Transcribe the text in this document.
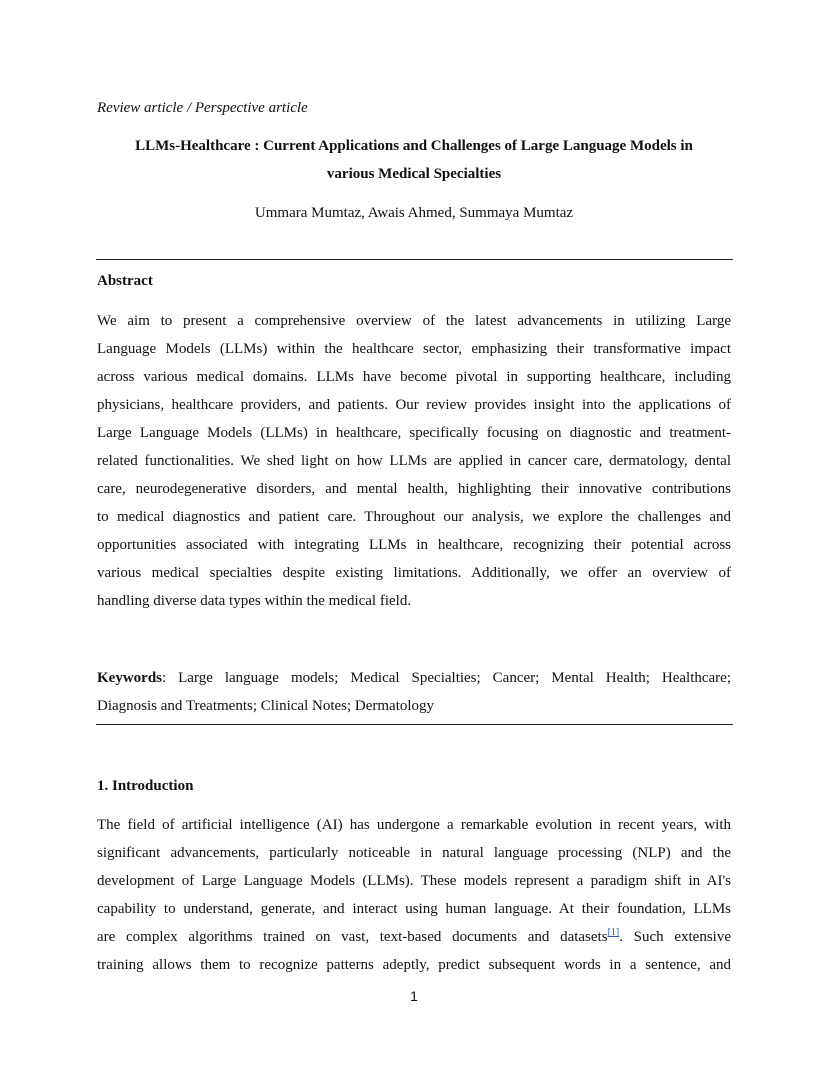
Review article / Perspective article
LLMs-Healthcare : Current Applications and Challenges of Large Language Models in
various Medical Specialties
Ummara Mumtaz, Awais Ahmed, Summaya Mumtaz
Abstract
We aim to present a comprehensive overview of the latest advancements in utilizing Large
Language Models (LLMs) within the healthcare sector, emphasizing their transformative impact
across various medical domains. LLMs have become pivotal in supporting healthcare, including
physicians, healthcare providers, and patients. Our review provides insight into the applications of
Large Language Models (LLMs) in healthcare, specifically focusing on diagnostic and treatment-
related functionalities. We shed light on how LLMs are applied in cancer care, dermatology, dental
care, neurodegenerative disorders, and mental health, highlighting their innovative contributions
to medical diagnostics and patient care. Throughout our analysis, we explore the challenges and
opportunities associated with integrating LLMs in healthcare, recognizing their potential across
various medical specialties despite existing limitations. Additionally, we offer an overview of
handling diverse data types within the medical field.
Keywords: Large language models; Medical Specialties; Cancer; Mental Health; Healthcare;
Diagnosis and Treatments; Clinical Notes; Dermatology
1. Introduction
The field of artificial intelligence (AI) has undergone a remarkable evolution in recent years, with
significant advancements, particularly noticeable in natural language processing (NLP) and the
development of Large Language Models (LLMs). These models represent a paradigm shift in AI's
capability to understand, generate, and interact using human language. At their foundation, LLMs
are complex algorithms trained on vast, text-based documents and datasets[1]. Such extensive
training allows them to recognize patterns adeptly, predict subsequent words in a sentence, and
1
